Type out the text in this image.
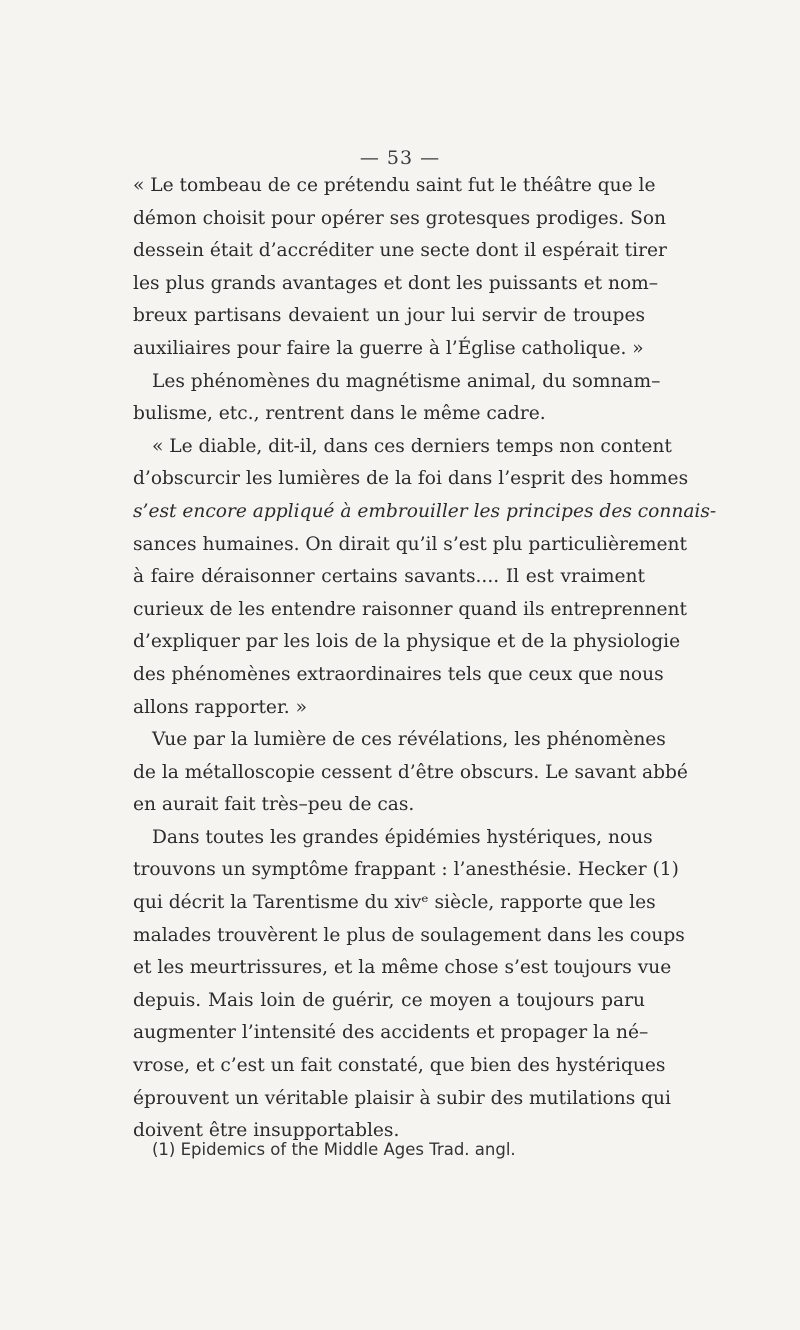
— 53 —
« Le tombeau de ce prétendu saint fut le théâtre que le
démon choisit pour opérer ses grotesques prodiges. Son
dessein était d’accréditer une secte dont il espérait tirer
les plus grands avantages et dont les puissants et nom–
breux partisans devaient un jour lui servir de troupes
auxiliaires pour faire la guerre à l’Église catholique. »
Les phénomènes du magnétisme animal, du somnam–
bulisme, etc., rentrent dans le même cadre.
« Le diable, dit-il, dans ces derniers temps non content
d’obscurcir les lumières de la foi dans l’esprit des hommes
s’est encore appliqué à embrouiller les principes des connais-
sances humaines. On dirait qu’il s’est plu particulièrement
à faire déraisonner certains savants.... Il est vraiment
curieux de les entendre raisonner quand ils entreprennent
d’expliquer par les lois de la physique et de la physiologie
des phénomènes extraordinaires tels que ceux que nous
allons rapporter. »
Vue par la lumière de ces révélations, les phénomènes
de la métalloscopie cessent d’être obscurs. Le savant abbé
en aurait fait très–peu de cas.
Dans toutes les grandes épidémies hystériques, nous
trouvons un symptôme frappant : l’anesthésie. Hecker (1)
qui décrit la Tarentisme du xivᵉ siècle, rapporte que les
malades trouvèrent le plus de soulagement dans les coups
et les meurtrissures, et la même chose s’est toujours vue
depuis. Mais loin de guérir, ce moyen a toujours paru
augmenter l’intensité des accidents et propager la né–
vrose, et c’est un fait constaté, que bien des hystériques
éprouvent un véritable plaisir à subir des mutilations qui
doivent être insupportables.
(1) Epidemics of the Middle Ages Trad. angl.
